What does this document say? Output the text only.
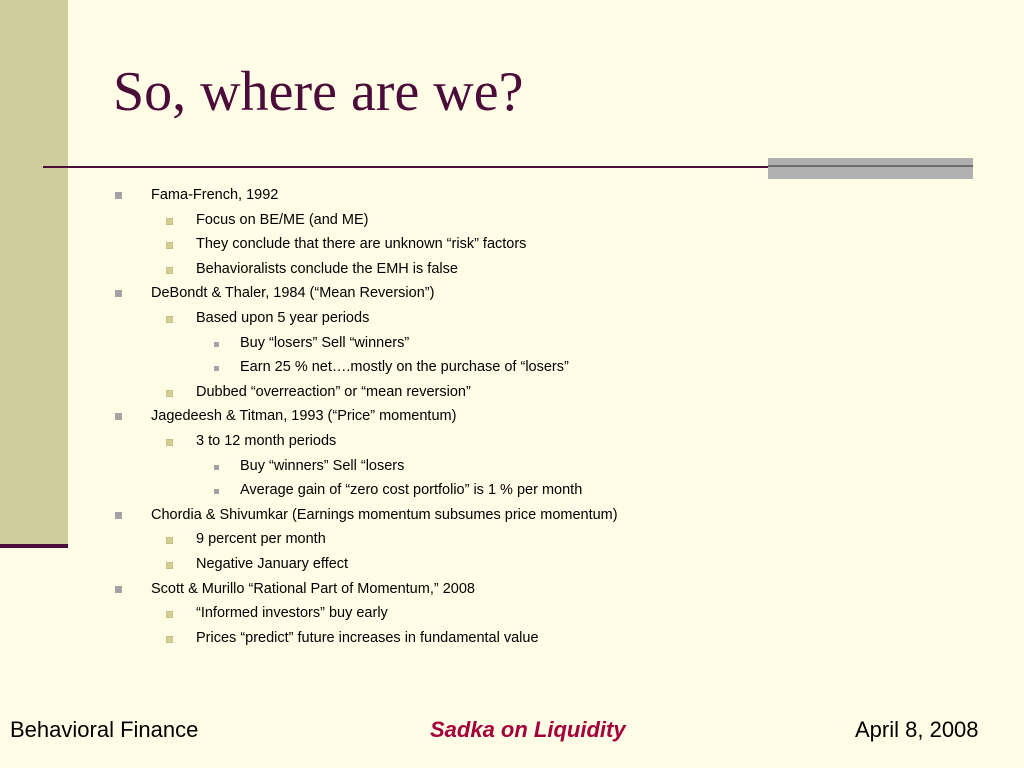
So, where are we?
Fama-French, 1992
Focus on BE/ME (and ME)
They conclude that there are unknown “risk” factors
Behavioralists conclude the EMH is false
DeBondt & Thaler, 1984 (“Mean Reversion”)
Based upon 5 year periods
Buy “losers” Sell “winners”
Earn 25 % net….mostly on the purchase of “losers”
Dubbed “overreaction” or “mean reversion”
Jagedeesh & Titman, 1993 (“Price” momentum)
3 to 12 month periods
Buy “winners” Sell “losers
Average gain of “zero cost portfolio” is 1 % per month
Chordia & Shivumkar (Earnings momentum subsumes price momentum)
9 percent per month
Negative January effect
Scott & Murillo “Rational Part of Momentum,” 2008
“Informed investors” buy early
Prices “predict” future increases in fundamental value
Behavioral Finance	Sadka on Liquidity	April 8, 2008
